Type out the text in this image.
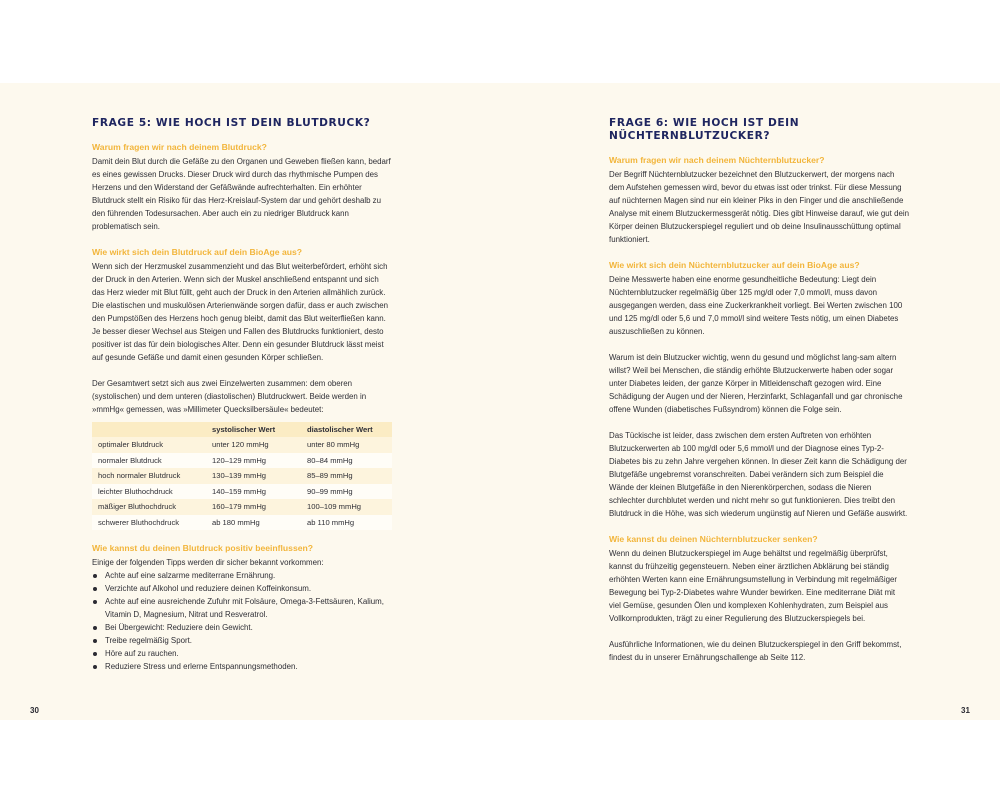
FRAGE 5: WIE HOCH IST DEIN BLUTDRUCK?
Warum fragen wir nach deinem Blutdruck?

Damit dein Blut durch die Gefäße zu den Organen und Geweben fließen kann, bedarf es eines gewissen Drucks. Dieser Druck wird durch das rhythmische Pumpen des Herzens und den Widerstand der Gefäßwände aufrechterhalten. Ein erhöhter Blutdruck stellt ein Risiko für das Herz-Kreislauf-System dar und gehört deshalb zu den führenden Todesursachen. Aber auch ein zu niedriger Blutdruck kann problematisch sein.

Wie wirkt sich dein Blutdruck auf dein BioAge aus?

Wenn sich der Herzmuskel zusammenzieht und das Blut weiterbefördert, erhöht sich der Druck in den Arterien. Wenn sich der Muskel anschließend entspannt und sich das Herz wieder mit Blut füllt, geht auch der Druck in den Arterien allmählich zurück. Die elastischen und muskulösen Arterienwände sorgen dafür, dass er auch zwischen den Pumpstößen des Herzens hoch genug bleibt, damit das Blut weiterfließen kann. Je besser dieser Wechsel aus Steigen und Fallen des Blutdrucks funktioniert, desto positiver ist das für dein biologisches Alter. Denn ein gesunder Blutdruck lässt meist auf gesunde Gefäße und damit einen gesunden Körper schließen.

Der Gesamtwert setzt sich aus zwei Einzelwerten zusammen: dem oberen (systolischen) und dem unteren (diastolischen) Blutdruckwert. Beide werden in »mmHg« gemessen, was »Millimeter Quecksilbersäule« bedeutet:

	systolischer Wert	diastolischer Wert
optimaler Blutdruck	unter 120 mmHg	unter 80 mmHg
normaler Blutdruck	120–129 mmHg	80–84 mmHg
hoch normaler Blutdruck	130–139 mmHg	85–89 mmHg
leichter Bluthochdruck	140–159 mmHg	90–99 mmHg
mäßiger Bluthochdruck	160–179 mmHg	100–109 mmHg
schwerer Bluthochdruck	ab 180 mmHg	ab 110 mmHg
Wie kannst du deinen Blutdruck positiv beeinflussen?

Einige der folgenden Tipps werden dir sicher bekannt vorkommen:

Achte auf eine salzarme mediterrane Ernährung.
Verzichte auf Alkohol und reduziere deinen Koffeinkonsum.
Achte auf eine ausreichende Zufuhr mit Folsäure, Omega-3-Fettsäuren, Kalium, Vitamin D, Magnesium, Nitrat und Resveratrol.
Bei Übergewicht: Reduziere dein Gewicht.
Treibe regelmäßig Sport.
Höre auf zu rauchen.
Reduziere Stress und erlerne Entspannungsmethoden.
30
FRAGE 6: WIE HOCH IST DEIN NÜCHTERNBLUTZUCKER?
Warum fragen wir nach deinem Nüchternblutzucker?

Der Begriff Nüchternblutzucker bezeichnet den Blutzuckerwert, der morgens nach dem Aufstehen gemessen wird, bevor du etwas isst oder trinkst. Für diese Messung auf nüchternen Magen sind nur ein kleiner Piks in den Finger und die anschließende Analyse mit einem Blutzuckermessgerät nötig. Dies gibt Hinweise darauf, wie gut dein Körper deinen Blutzuckerspiegel reguliert und ob deine Insulinausschüttung optimal funktioniert.

Wie wirkt sich dein Nüchternblutzucker auf dein BioAge aus?

Deine Messwerte haben eine enorme gesundheitliche Bedeutung: Liegt dein Nüchternblutzucker regelmäßig über 125 mg/dl oder 7,0 mmol/l, muss davon ausgegangen werden, dass eine Zuckerkrankheit vorliegt. Bei Werten zwischen 100 und 125 mg/dl oder 5,6 und 7,0 mmol/l sind weitere Tests nötig, um einen Diabetes auszuschließen zu können.

Warum ist dein Blutzucker wichtig, wenn du gesund und möglichst lang-sam altern willst? Weil bei Menschen, die ständig erhöhte Blutzuckerwerte haben oder sogar unter Diabetes leiden, der ganze Körper in Mitleidenschaft gezogen wird. Eine Schädigung der Augen und der Nieren, Herzinfarkt, Schlaganfall und gar chronische offene Wunden (diabetisches Fußsyndrom) können die Folge sein.

Das Tückische ist leider, dass zwischen dem ersten Auftreten von erhöhten Blutzuckerwerten ab 100 mg/dl oder 5,6 mmol/l und der Diagnose eines Typ-2-Diabetes bis zu zehn Jahre vergehen können. In dieser Zeit kann die Schädigung der Blutgefäße ungebremst voranschreiten. Dabei verändern sich zum Beispiel die Wände der kleinen Blutgefäße in den Nierenkörperchen, sodass die Nieren schlechter durchblutet werden und nicht mehr so gut funktionieren. Dies treibt den Blutdruck in die Höhe, was sich wiederum ungünstig auf Nieren und Gefäße auswirkt.

Wie kannst du deinen Nüchternblutzucker senken?

Wenn du deinen Blutzuckerspiegel im Auge behältst und regelmäßig überprüfst, kannst du frühzeitig gegensteuern. Neben einer ärztlichen Abklärung bei ständig erhöhten Werten kann eine Ernährungsumstellung in Verbindung mit regelmäßiger Bewegung bei Typ-2-Diabetes wahre Wunder bewirken. Eine mediterrane Diät mit viel Gemüse, gesunden Ölen und komplexen Kohlenhydraten, zum Beispiel aus Vollkornprodukten, trägt zu einer Regulierung des Blutzuckerspiegels bei.

Ausführliche Informationen, wie du deinen Blutzuckerspiegel in den Griff bekommst, findest du in unserer Ernährungschallenge ab Seite 112.

31
